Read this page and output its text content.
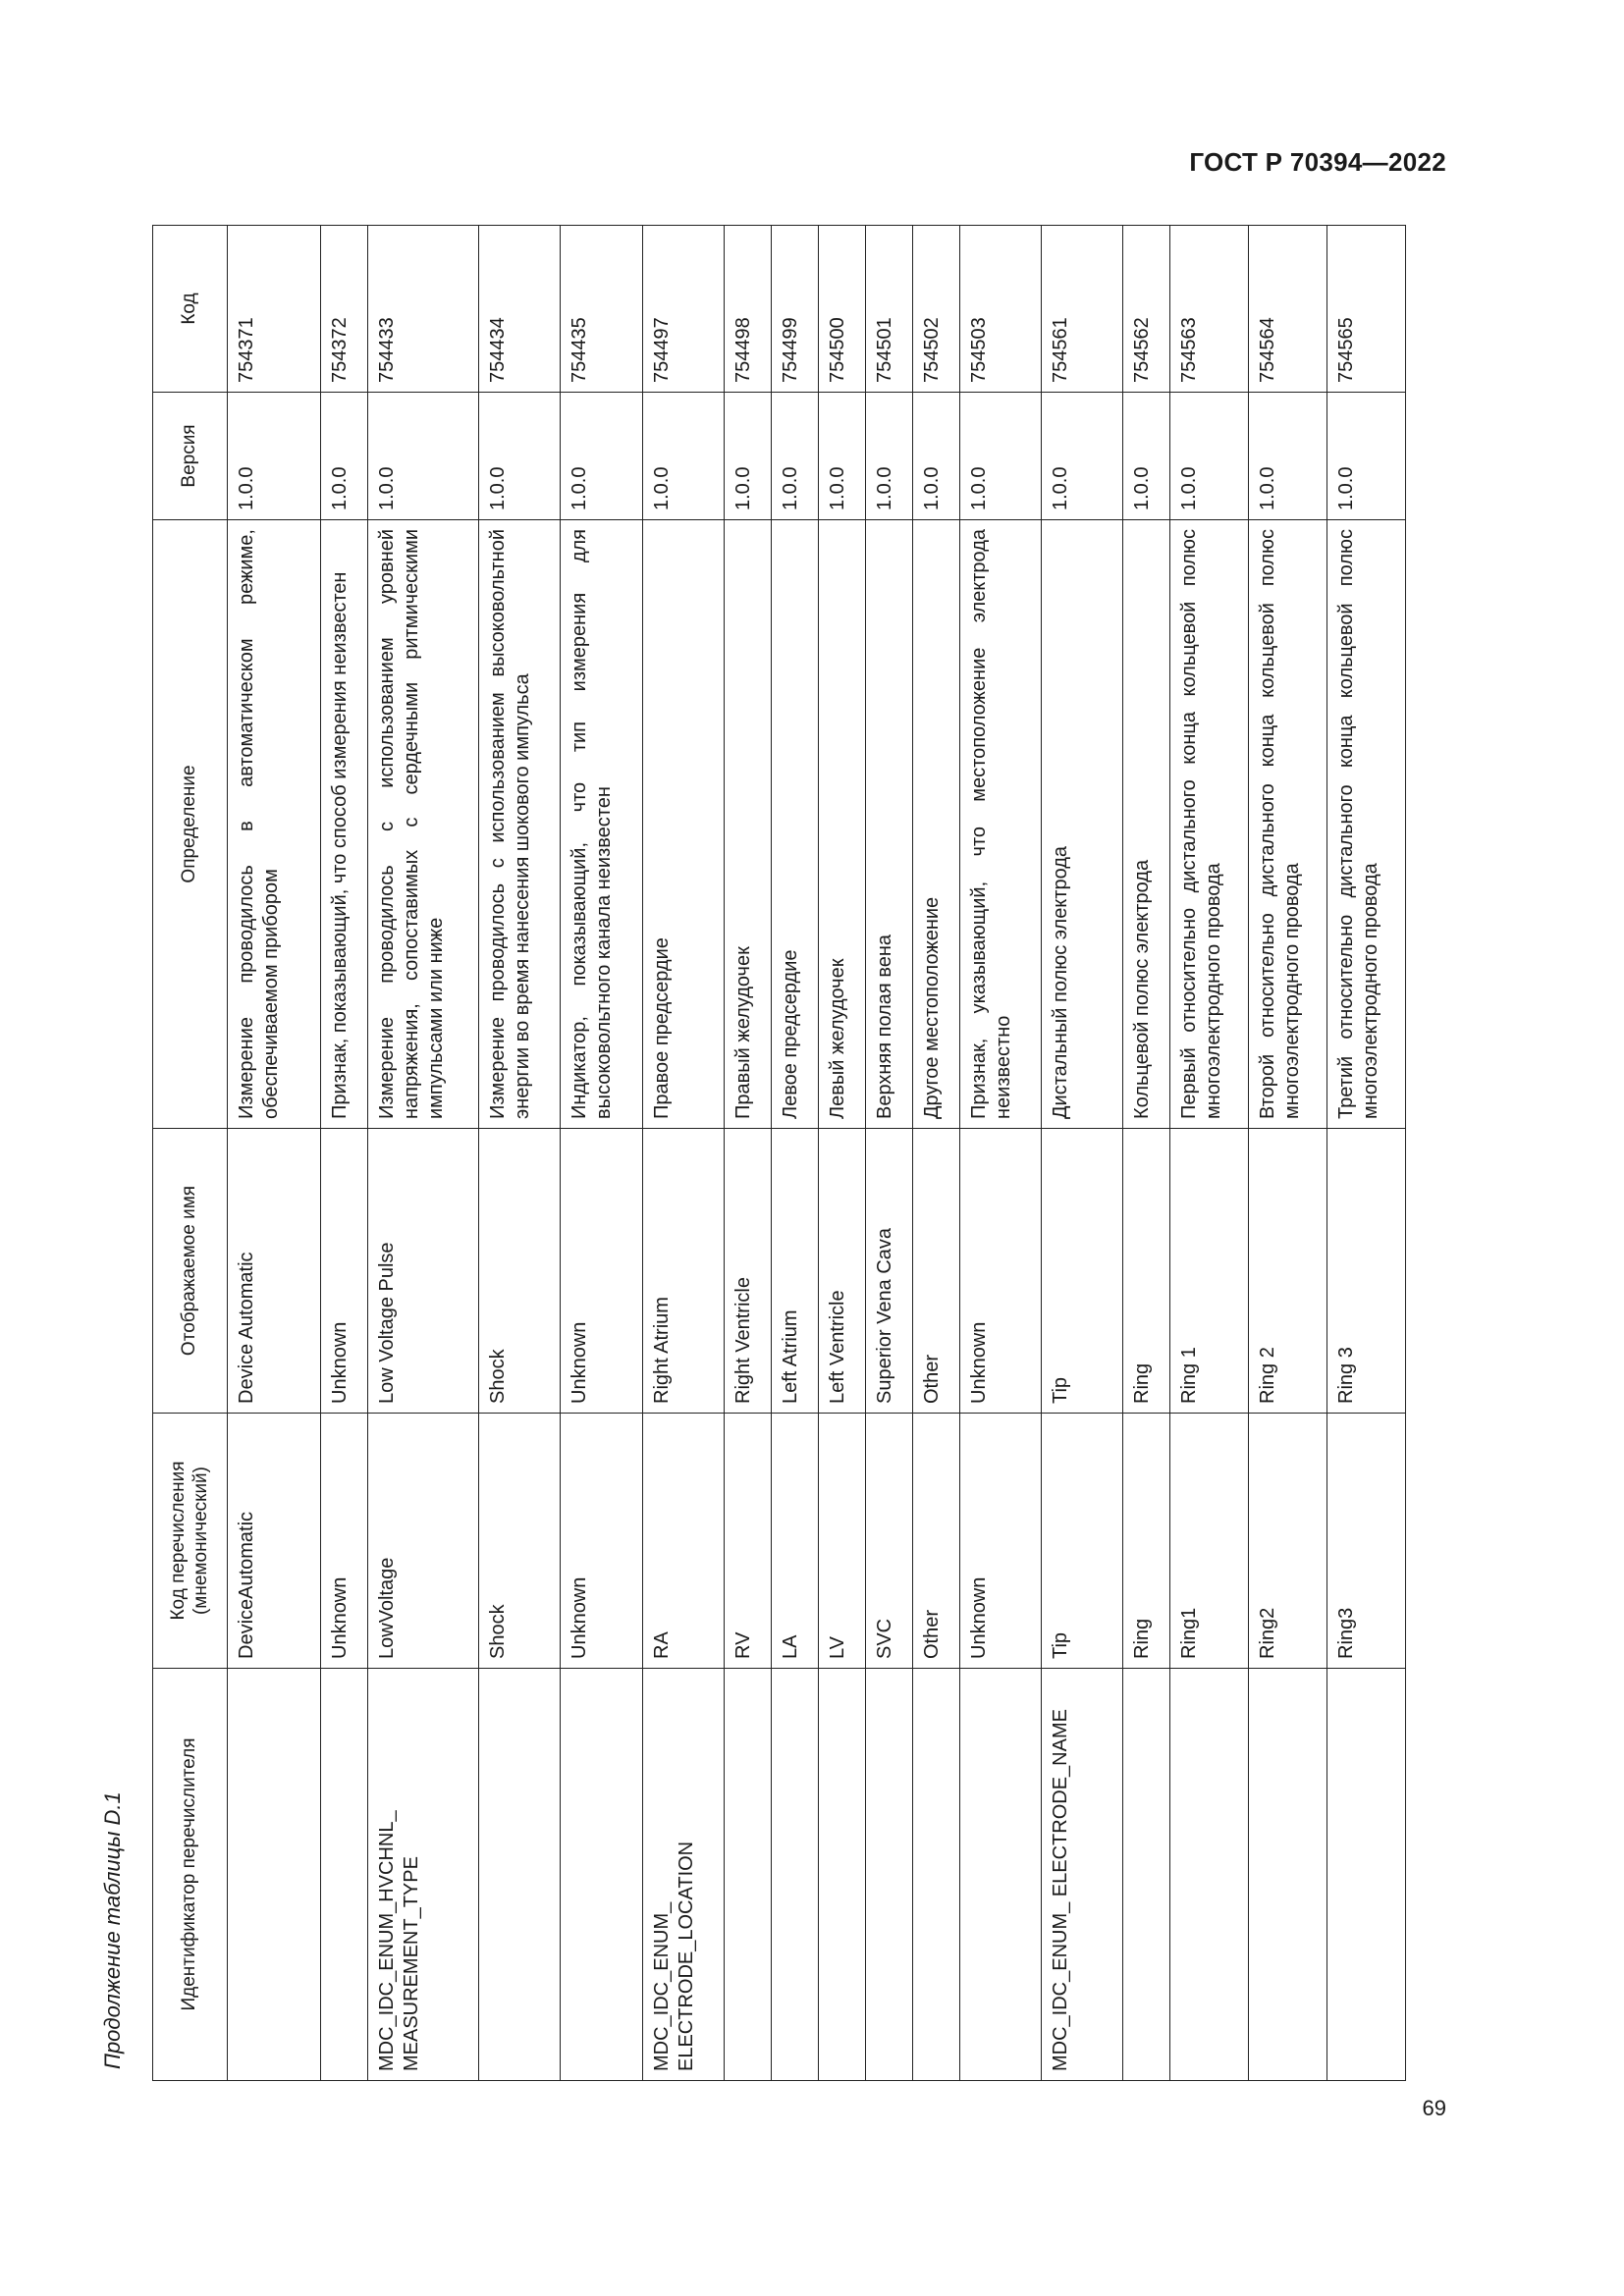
ГОСТ Р 70394—2022
Продолжение таблицы D.1	Идентификатор перечислителя	Код перечисления (мнемонический)	Отображаемое имя	Определение	Версия	Код
	DeviceAutomatic	Device Automatic	Измерение проводилось в автоматическом режиме, обеспечиваемом прибором	1.0.0	754371
	Unknown	Unknown	Признак, показывающий, что способ измерения неизвестен	1.0.0	754372
MDC_IDC_ENUM_HVCHNL_ MEASUREMENT_TYPE	LowVoltage	Low Voltage Pulse	Измерение проводилось с использованием уровней напряжения, сопоставимых с сердечными ритмическими импульсами или ниже	1.0.0	754433
	Shock	Shock	Измерение проводилось с использованием высоковольтной энергии во время нанесения шокового импульса	1.0.0	754434
	Unknown	Unknown	Индикатор, показывающий, что тип измерения для высоковольтного канала неизвестен	1.0.0	754435
MDC_IDC_ENUM_ ELECTRODE_LOCATION	RA	Right Atrium	Правое предсердие	1.0.0	754497
	RV	Right Ventricle	Правый желудочек	1.0.0	754498
	LA	Left Atrium	Левое предсердие	1.0.0	754499
	LV	Left Ventricle	Левый желудочек	1.0.0	754500
	SVC	Superior Vena Cava	Верхняя полая вена	1.0.0	754501
	Other	Other	Другое местоположение	1.0.0	754502
	Unknown	Unknown	Признак, указывающий, что местоположение электрода неизвестно	1.0.0	754503
MDC_IDC_ENUM_ ELECTRODE_NAME	Tip	Tip	Дистальный полюс электрода	1.0.0	754561
	Ring	Ring	Кольцевой полюс электрода	1.0.0	754562
	Ring1	Ring 1	Первый относительно дистального конца кольцевой полюс многоэлектродного провода	1.0.0	754563
	Ring2	Ring 2	Второй относительно дистального конца кольцевой полюс многоэлектродного провода	1.0.0	754564
	Ring3	Ring 3	Третий относительно дистального конца кольцевой полюс многоэлектродного провода	1.0.0	754565
69
